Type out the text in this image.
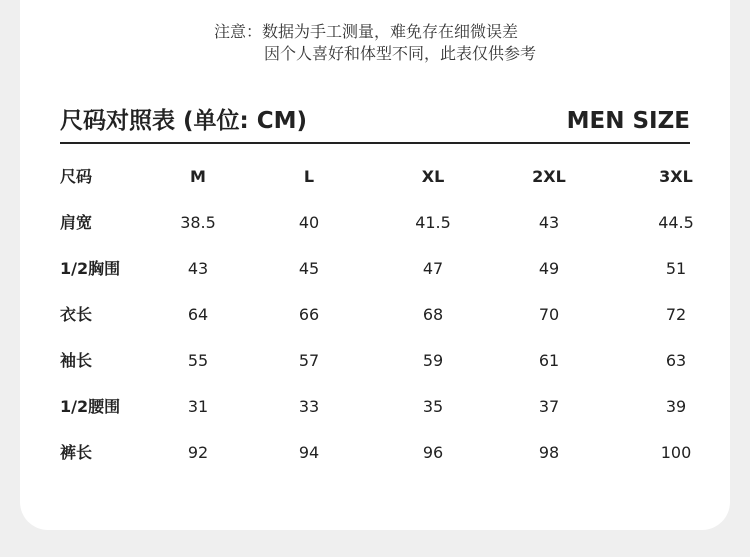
注意：数据为手工测量，难免存在细微误差
因个人喜好和体型不同，此表仅供参考
尺码对照表 (单位: CM)	MEN SIZE
尺码	M	L	XL	2XL	3XL
肩宽	38.5	40	41.5	43	44.5
1/2胸围	43	45	47	49	51
衣长	64	66	68	70	72
袖长	55	57	59	61	63
1/2腰围	31	33	35	37	39
裤长	92	94	96	98	100
